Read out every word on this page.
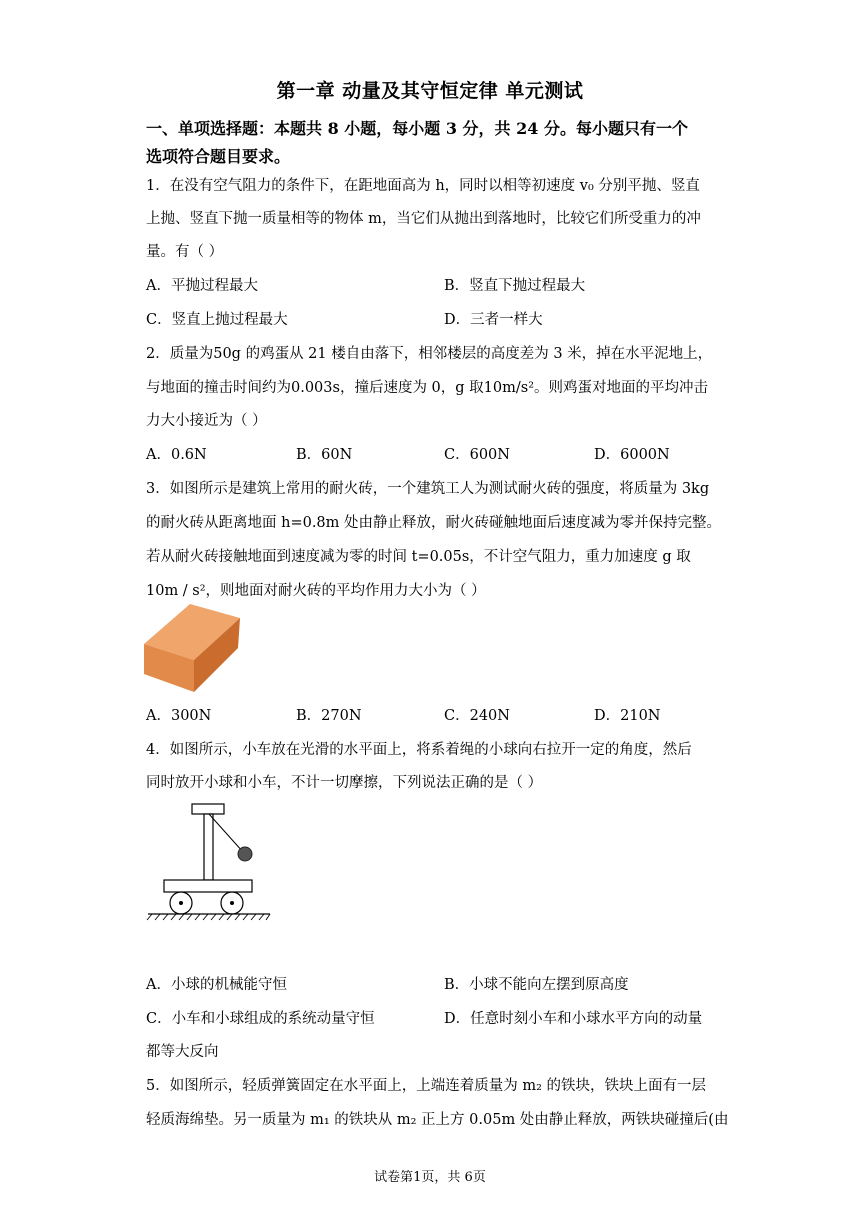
第一章 动量及其守恒定律 单元测试
一、单项选择题：本题共 8 小题，每小题 3 分，共 24 分。每小题只有一个
选项符合题目要求。
1．在没有空气阻力的条件下，在距地面高为 h，同时以相等初速度 v₀ 分别平抛、竖直
上抛、竖直下抛一质量相等的物体 m，当它们从抛出到落地时，比较它们所受重力的冲
量。有（ ）
A．平抛过程最大	B．竖直下抛过程最大
C．竖直上抛过程最大	D．三者一样大
2．质量为50g 的鸡蛋从 21 楼自由落下，相邻楼层的高度差为 3 米，掉在水平泥地上，
与地面的撞击时间约为0.003s，撞后速度为 0，g 取10m/s²。则鸡蛋对地面的平均冲击
力大小接近为（ ）
A．0.6N	B．60N	C．600N	D．6000N
3．如图所示是建筑上常用的耐火砖，一个建筑工人为测试耐火砖的强度，将质量为 3kg
的耐火砖从距离地面 h=0.8m 处由静止释放，耐火砖碰触地面后速度减为零并保持完整。
若从耐火砖接触地面到速度减为零的时间 t=0.05s，不计空气阻力，重力加速度 g 取
10m / s²，则地面对耐火砖的平均作用力大小为（ ）
A．300N	B．270N	C．240N	D．210N
4．如图所示，小车放在光滑的水平面上，将系着绳的小球向右拉开一定的角度，然后
同时放开小球和小车，不计一切摩擦，下列说法正确的是（ ）
A．小球的机械能守恒	B．小球不能向左摆到原高度
C．小车和小球组成的系统动量守恒	D．任意时刻小车和小球水平方向的动量
都等大反向
5．如图所示，轻质弹簧固定在水平面上，上端连着质量为 m₂ 的铁块，铁块上面有一层
轻质海绵垫。另一质量为 m₁ 的铁块从 m₂ 正上方 0.05m 处由静止释放，两铁块碰撞后(由
试卷第1页，共 6页
